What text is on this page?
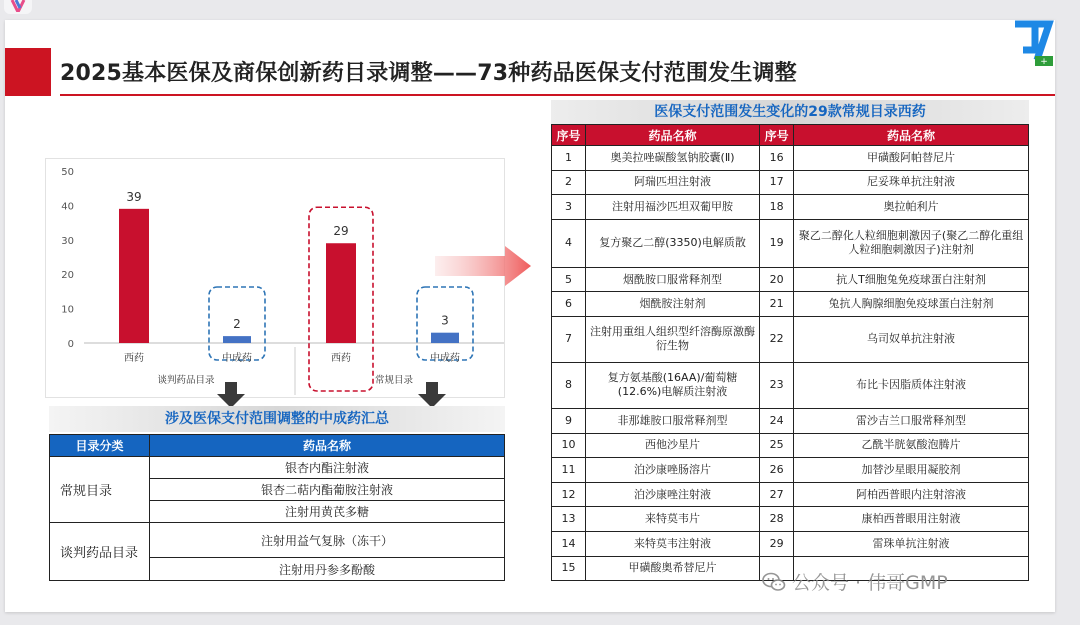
2025基本医保及商保创新药目录调整——73种药品医保支付范围发生调整	+
50
40
30
20
10
0
39
西药
2
中成药
谈判药品目录
29
西药
3
中成药
常规目录
涉及医保支付范围调整的中成药汇总
目录分类	药品名称
常规目录	银杏内酯注射液
	银杏二萜内酯葡胺注射液
	注射用黄芪多糖
谈判药品目录	注射用益气复脉（冻干）
	注射用丹参多酚酸
医保支付范围发生变化的29款常规目录西药
序号	药品名称	序号	药品名称
1	奥美拉唑碳酸氢钠胶囊(Ⅱ)	16	甲磺酸阿帕替尼片
2	阿瑞匹坦注射液	17	尼妥珠单抗注射液
3	注射用福沙匹坦双葡甲胺	18	奥拉帕利片
4	复方聚乙二醇(3350)电解质散	19	聚乙二醇化人粒细胞刺激因子(聚乙二醇化重组人粒细胞刺激因子)注射剂
5	烟酰胺口服常释剂型	20	抗人T细胞兔免疫球蛋白注射剂
6	烟酰胺注射剂	21	兔抗人胸腺细胞免疫球蛋白注射剂
7	注射用重组人组织型纤溶酶原激酶衍生物	22	乌司奴单抗注射液
8	复方氨基酸(16AA)/葡萄糖(12.6%)电解质注射液	23	布比卡因脂质体注射液
9	非那雄胺口服常释剂型	24	雷沙吉兰口服常释剂型
10	西他沙星片	25	乙酰半胱氨酸泡腾片
11	泊沙康唑肠溶片	26	加替沙星眼用凝胶剂
12	泊沙康唑注射液	27	阿柏西普眼内注射溶液
13	来特莫韦片	28	康柏西普眼用注射液
14	来特莫韦注射液	29	雷珠单抗注射液
15	甲磺酸奥希替尼片		
公众号 · 伟哥GMP
